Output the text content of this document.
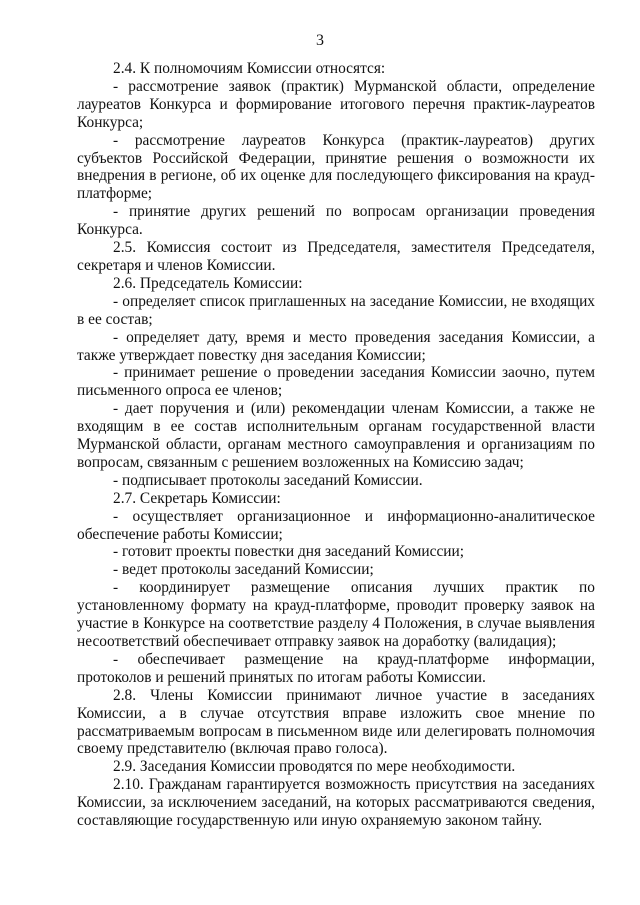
3

2.4. К полномочиям Комиссии относятся:

- рассмотрение заявок (практик) Мурманской области, определение лауреатов Конкурса и формирование итогового перечня практик-лауреатов Конкурса;

- рассмотрение лауреатов Конкурса (практик-лауреатов) других субъектов Российской Федерации, принятие решения о возможности их внедрения в регионе, об их оценке для последующего фиксирования на крауд-платформе;

- принятие других решений по вопросам организации проведения Конкурса.

2.5. Комиссия состоит из Председателя, заместителя Председателя, секретаря и членов Комиссии.

2.6. Председатель Комиссии:

- определяет список приглашенных на заседание Комиссии, не входящих в ее состав;

- определяет дату, время и место проведения заседания Комиссии, а также утверждает повестку дня заседания Комиссии;

- принимает решение о проведении заседания Комиссии заочно, путем письменного опроса ее членов;

- дает поручения и (или) рекомендации членам Комиссии, а также не входящим в ее состав исполнительным органам государственной власти Мурманской области, органам местного самоуправления и организациям по вопросам, связанным с решением возложенных на Комиссию задач;

- подписывает протоколы заседаний Комиссии.

2.7. Секретарь Комиссии:

- осуществляет организационное и информационно-аналитическое обеспечение работы Комиссии;

- готовит проекты повестки дня заседаний Комиссии;

- ведет протоколы заседаний Комиссии;

- координирует размещение описания лучших практик по установленному формату на крауд-платформе, проводит проверку заявок на участие в Конкурсе на соответствие разделу 4 Положения, в случае выявления несоответствий обеспечивает отправку заявок на доработку (валидация);

- обеспечивает размещение на крауд-платформе информации, протоколов и решений принятых по итогам работы Комиссии.

2.8. Члены Комиссии принимают личное участие в заседаниях Комиссии, а в случае отсутствия вправе изложить свое мнение по рассматриваемым вопросам в письменном виде или делегировать полномочия своему представителю (включая право голоса).

2.9. Заседания Комиссии проводятся по мере необходимости.

2.10. Гражданам гарантируется возможность присутствия на заседаниях Комиссии, за исключением заседаний, на которых рассматриваются сведения, составляющие государственную или иную охраняемую законом тайну.
